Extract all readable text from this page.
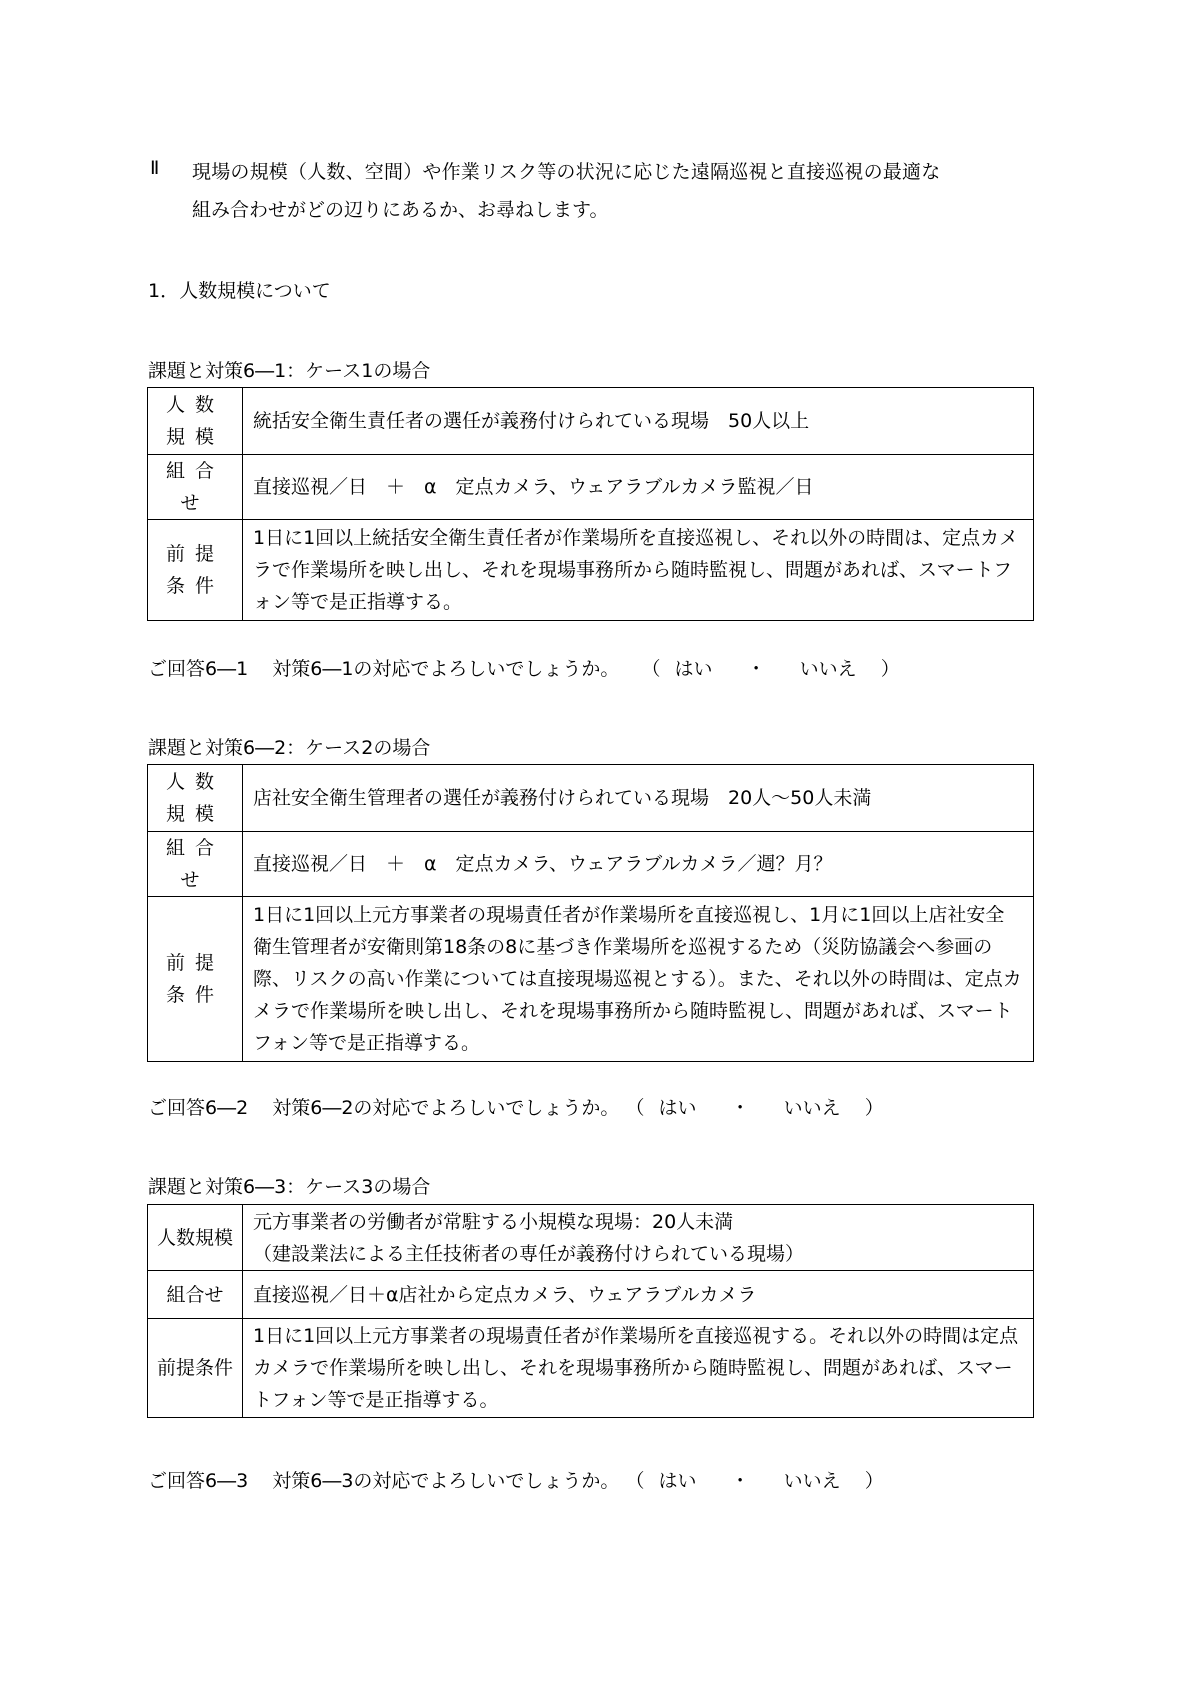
Ⅱ 現場の規模（人数、空間）や作業リスク等の状況に応じた遠隔巡視と直接巡視の最適な
組み合わせがどの辺りにあるか、お尋ねします。
1．人数規模について
課題と対策6―1：ケース1の場合
人数規模	統括安全衛生責任者の選任が義務付けられている現場　50人以上
組合せ	直接巡視／日　＋　α　定点カメラ、ウェアラブルカメラ監視／日
前提条件	1日に1回以上統括安全衛生責任者が作業場所を直接巡視し、それ以外の時間は、定点カメラで作業場所を映し出し、それを現場事務所から随時監視し、問題があれば、スマートフォン等で是正指導する。
ご回答6―1 対策6―1の対応でよろしいでしょうか。 （ はい ・ いいえ ）
課題と対策6―2：ケース2の場合
人数規模	店社安全衛生管理者の選任が義務付けられている現場　20人～50人未満
組合せ	直接巡視／日　＋　α　定点カメラ、ウェアラブルカメラ／週？月？
前提条件	1日に1回以上元方事業者の現場責任者が作業場所を直接巡視し、1月に1回以上店社安全衛生管理者が安衛則第18条の8に基づき作業場所を巡視するため（災防協議会へ参画の際、リスクの高い作業については直接現場巡視とする）。また、それ以外の時間は、定点カメラで作業場所を映し出し、それを現場事務所から随時監視し、問題があれば、スマートフォン等で是正指導する。
ご回答6―2 対策6―2の対応でよろしいでしょうか。 （ はい ・ いいえ ）
課題と対策6―3：ケース3の場合
人数規模	元方事業者の労働者が常駐する小規模な現場：20人未満
（建設業法による主任技術者の専任が義務付けられている現場）

組合せ	直接巡視／日＋α店社から定点カメラ、ウェアラブルカメラ
前提条件	1日に1回以上元方事業者の現場責任者が作業場所を直接巡視する。それ以外の時間は定点カメラで作業場所を映し出し、それを現場事務所から随時監視し、問題があれば、スマートフォン等で是正指導する。
ご回答6―3 対策6―3の対応でよろしいでしょうか。 （ はい ・ いいえ ）
